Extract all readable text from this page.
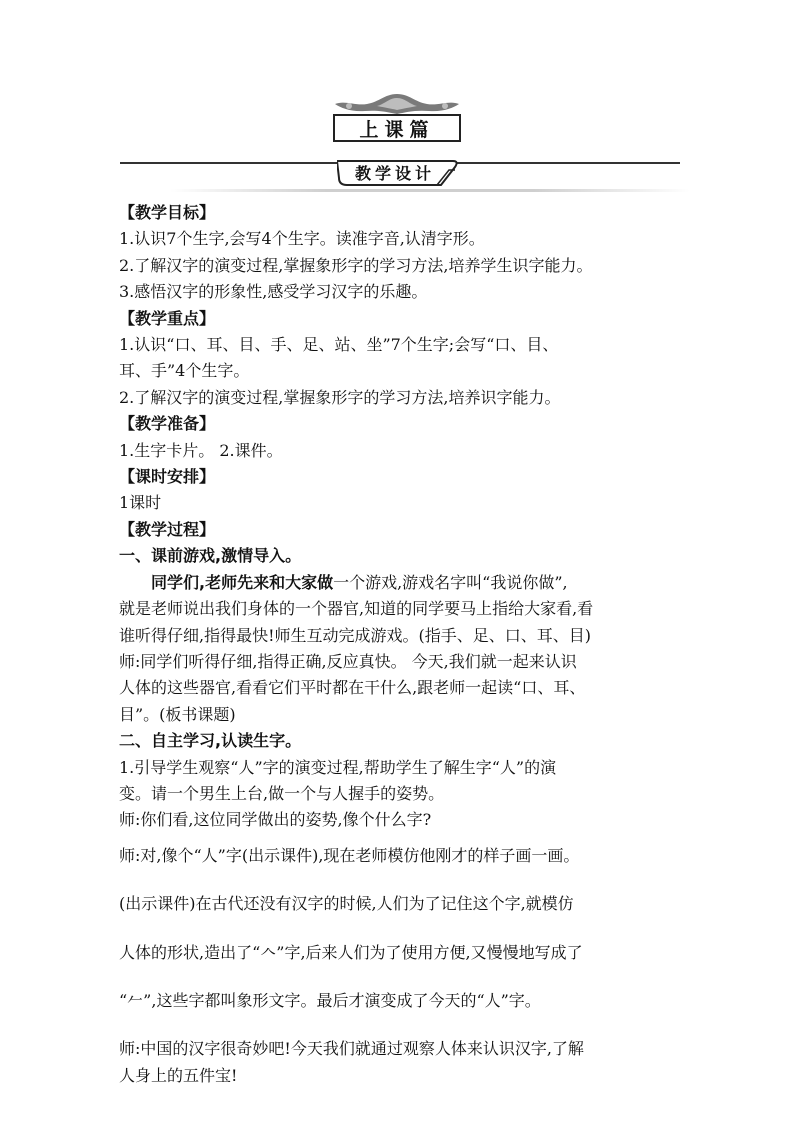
上课篇
教学设计

【教学目标】

1.认识7个生字,会写4个生字。读准字音,认清字形。

2.了解汉字的演变过程,掌握象形字的学习方法,培养学生识字能力。

3.感悟汉字的形象性,感受学习汉字的乐趣。

【教学重点】

1.认识“口、耳、目、手、足、站、坐”7个生字;会写“口、目、

耳、手”4个生字。

2.了解汉字的演变过程,掌握象形字的学习方法,培养识字能力。

【教学准备】

1.生字卡片。 2.课件。

【课时安排】

1课时

【教学过程】

一、课前游戏,激情导入。

同学们,老师先来和大家做一个游戏,游戏名字叫“我说你做”,

就是老师说出我们身体的一个器官,知道的同学要马上指给大家看,看

谁听得仔细,指得最快!师生互动完成游戏。(指手、足、口、耳、目)

师:同学们听得仔细,指得正确,反应真快。 今天,我们就一起来认识

人体的这些器官,看看它们平时都在干什么,跟老师一起读“口、耳、

目”。(板书课题)

二、自主学习,认读生字。

1.引导学生观察“人”字的演变过程,帮助学生了解生字“人”的演

变。请一个男生上台,做一个与人握手的姿势。

师:你们看,这位同学做出的姿势,像个什么字?

师:对,像个“人”字(出示课件),现在老师模仿他刚才的样子画一画。

(出示课件)在古代还没有汉字的时候,人们为了记住这个字,就模仿

人体的形状,造出了“𠆢”字,后来人们为了使用方便,又慢慢地写成了

“𠂉”,这些字都叫象形文字。最后才演变成了今天的“人”字。

师:中国的汉字很奇妙吧!今天我们就通过观察人体来认识汉字,了解

人身上的五件宝!
